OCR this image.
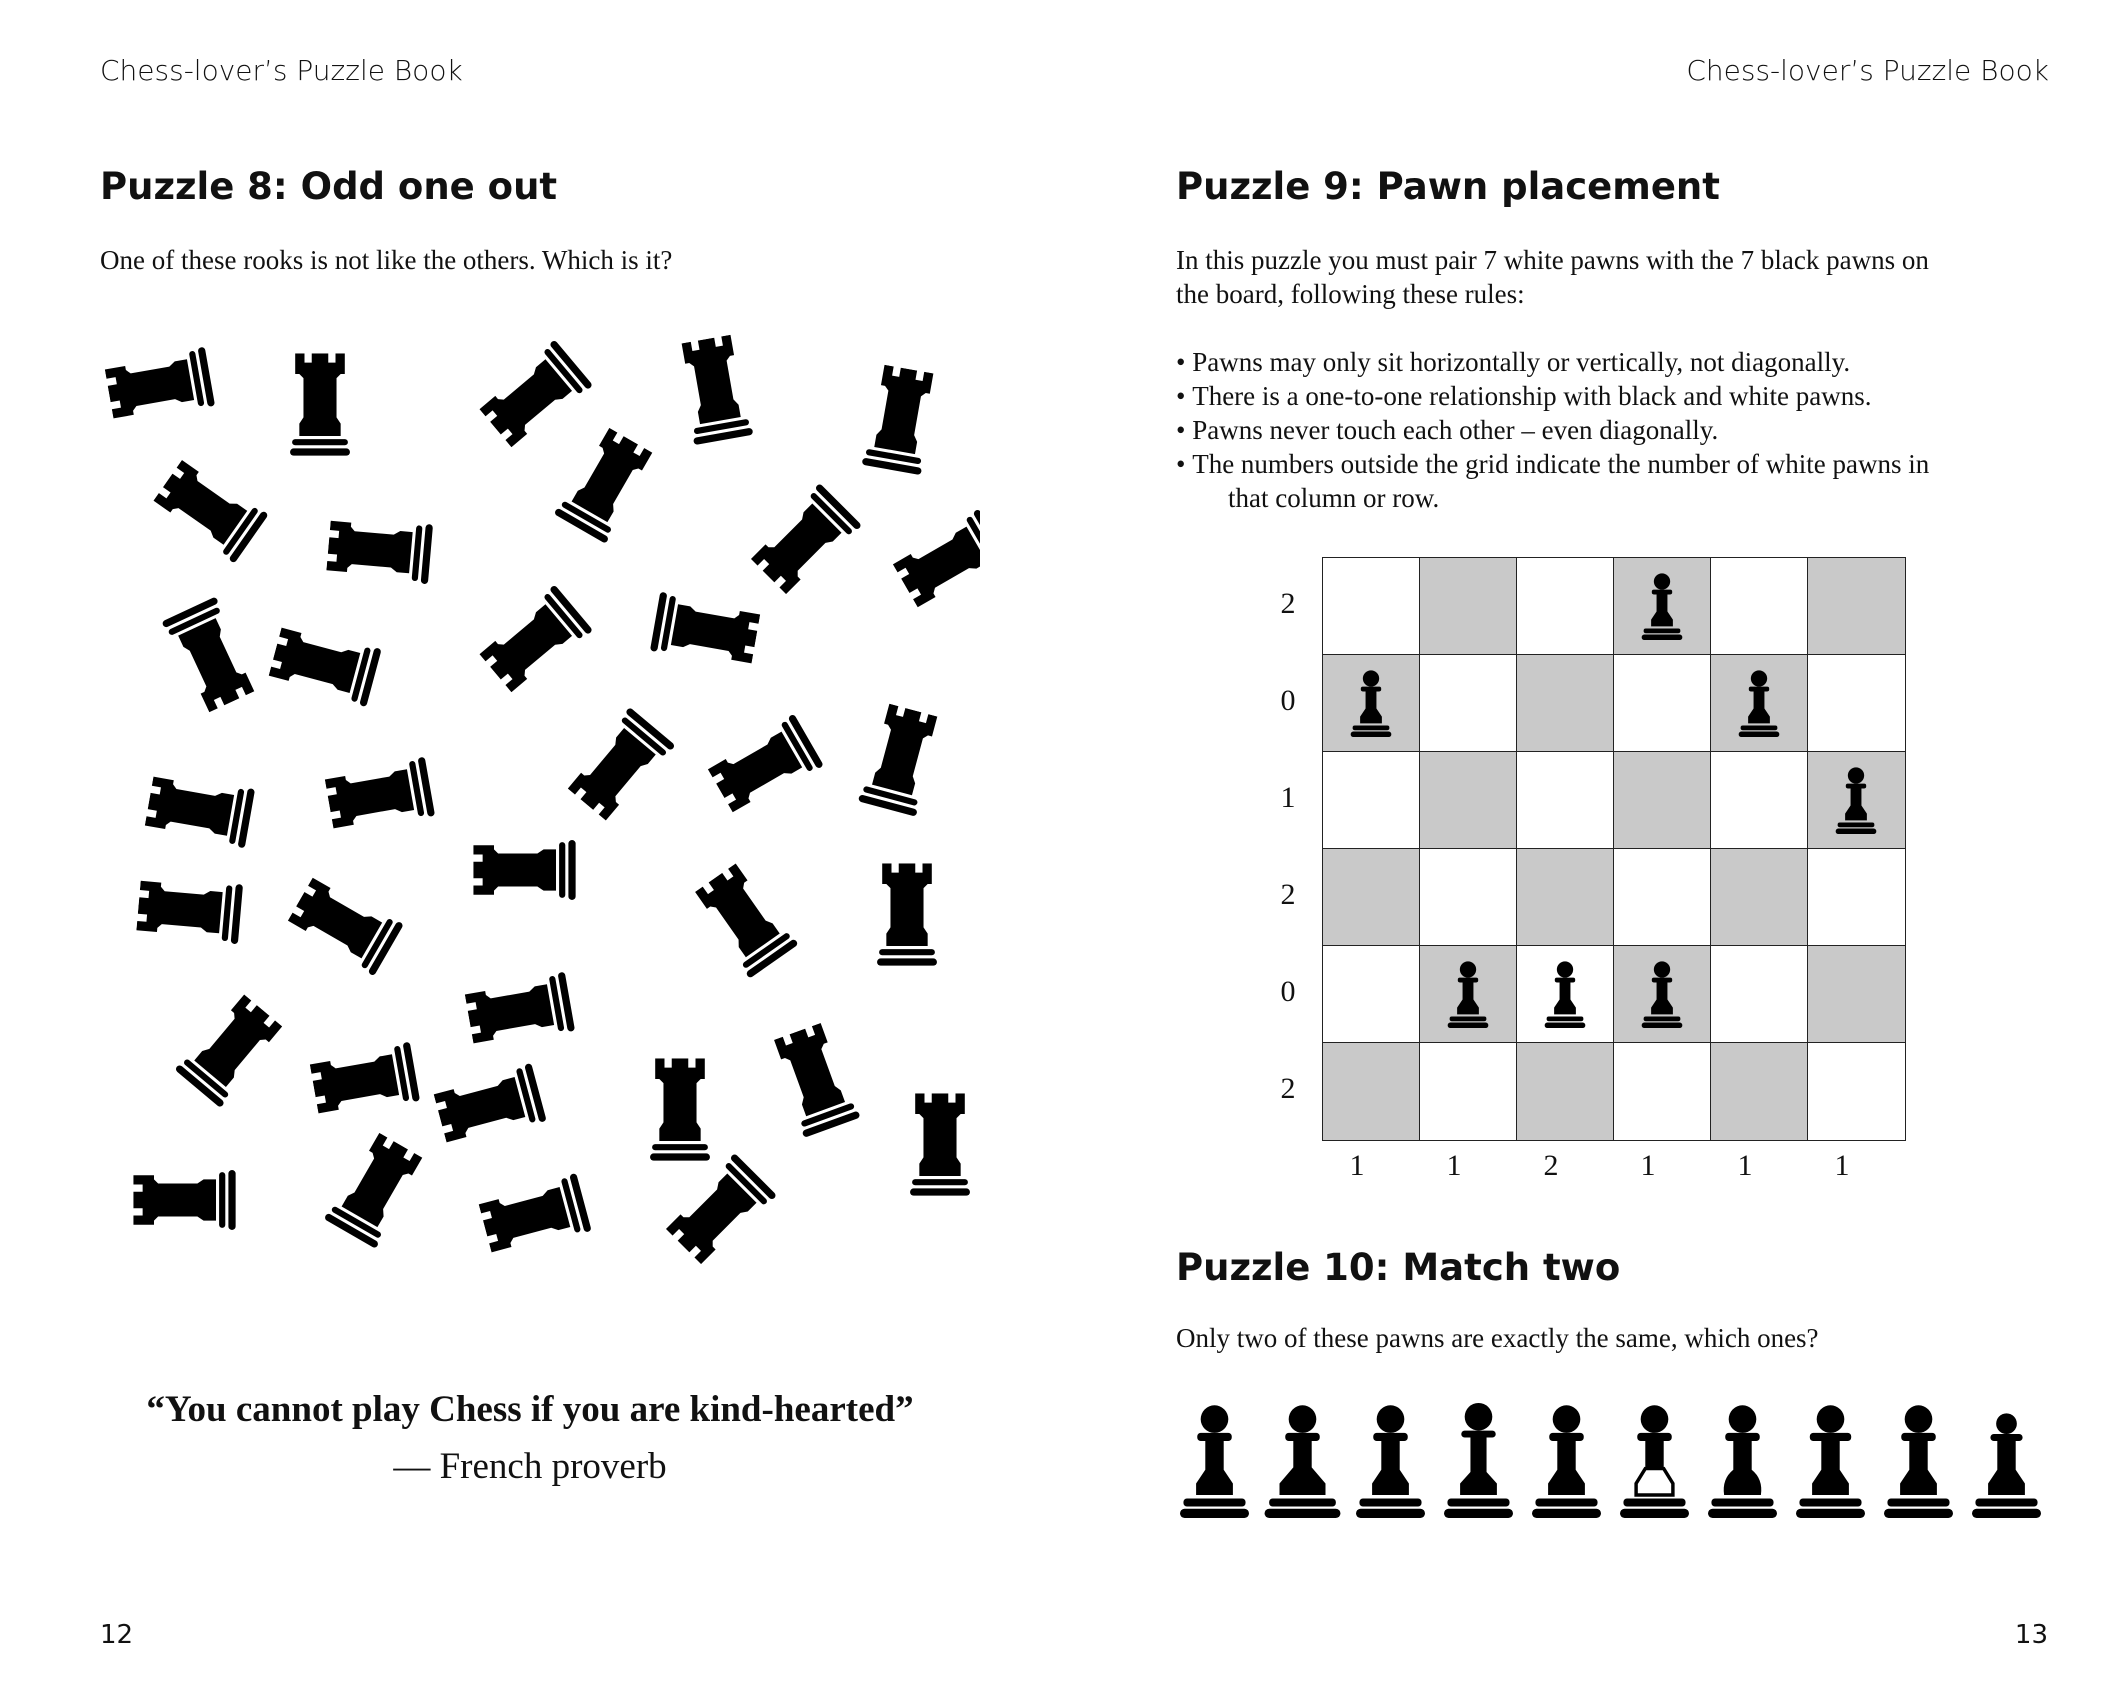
Chess-lover’s Puzzle Book
Puzzle 8: Odd one out

One of these rooks is not like the others. Which is it?

“You cannot play Chess if you are kind-hearted”
— French proverb
12
Chess-lover’s Puzzle Book
Puzzle 9: Pawn placement
In this puzzle you must pair 7 white pawns with the 7 black pawns on
the board, following these rules:
• Pawns may only sit horizontally or vertically, not diagonally.
• There is a one-to-one relationship with black and white pawns.
• Pawns never touch each other – even diagonally.
• The numbers outside the grid indicate the number of white pawns in
that column or row.
2
0
1
2
0
2
1	1	2	1	1	1
Puzzle 10: Match two

Only two of these pawns are exactly the same, which ones?

13
